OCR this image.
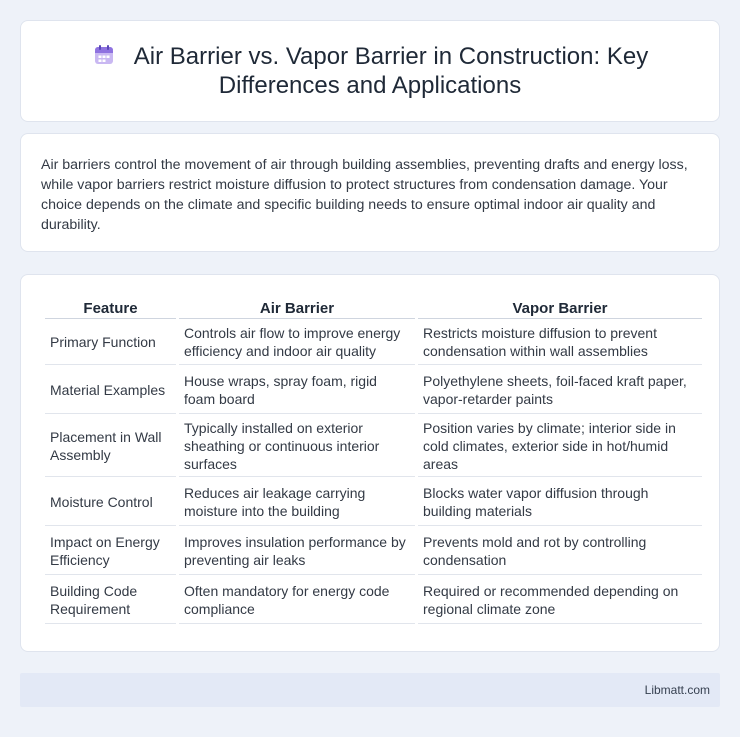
Air Barrier vs. Vapor Barrier in Construction: Key Differences and Applications

Air barriers control the movement of air through building assemblies, preventing drafts and energy loss, while vapor barriers restrict moisture diffusion to protect structures from condensation damage. Your choice depends on the climate and specific building needs to ensure optimal indoor air quality and durability.

Feature	Air Barrier	Vapor Barrier
Primary Function	Controls air flow to improve energy efficiency and indoor air quality	Restricts moisture diffusion to prevent condensation within wall assemblies
Material Examples	House wraps, spray foam, rigid foam board	Polyethylene sheets, foil-faced kraft paper, vapor-retarder paints
Placement in Wall Assembly	Typically installed on exterior sheathing or continuous interior surfaces	Position varies by climate; interior side in cold climates, exterior side in hot/humid areas
Moisture Control	Reduces air leakage carrying moisture into the building	Blocks water vapor diffusion through building materials
Impact on Energy Efficiency	Improves insulation performance by preventing air leaks	Prevents mold and rot by controlling condensation
Building Code Requirement	Often mandatory for energy code compliance	Required or recommended depending on regional climate zone
Libmatt.com
